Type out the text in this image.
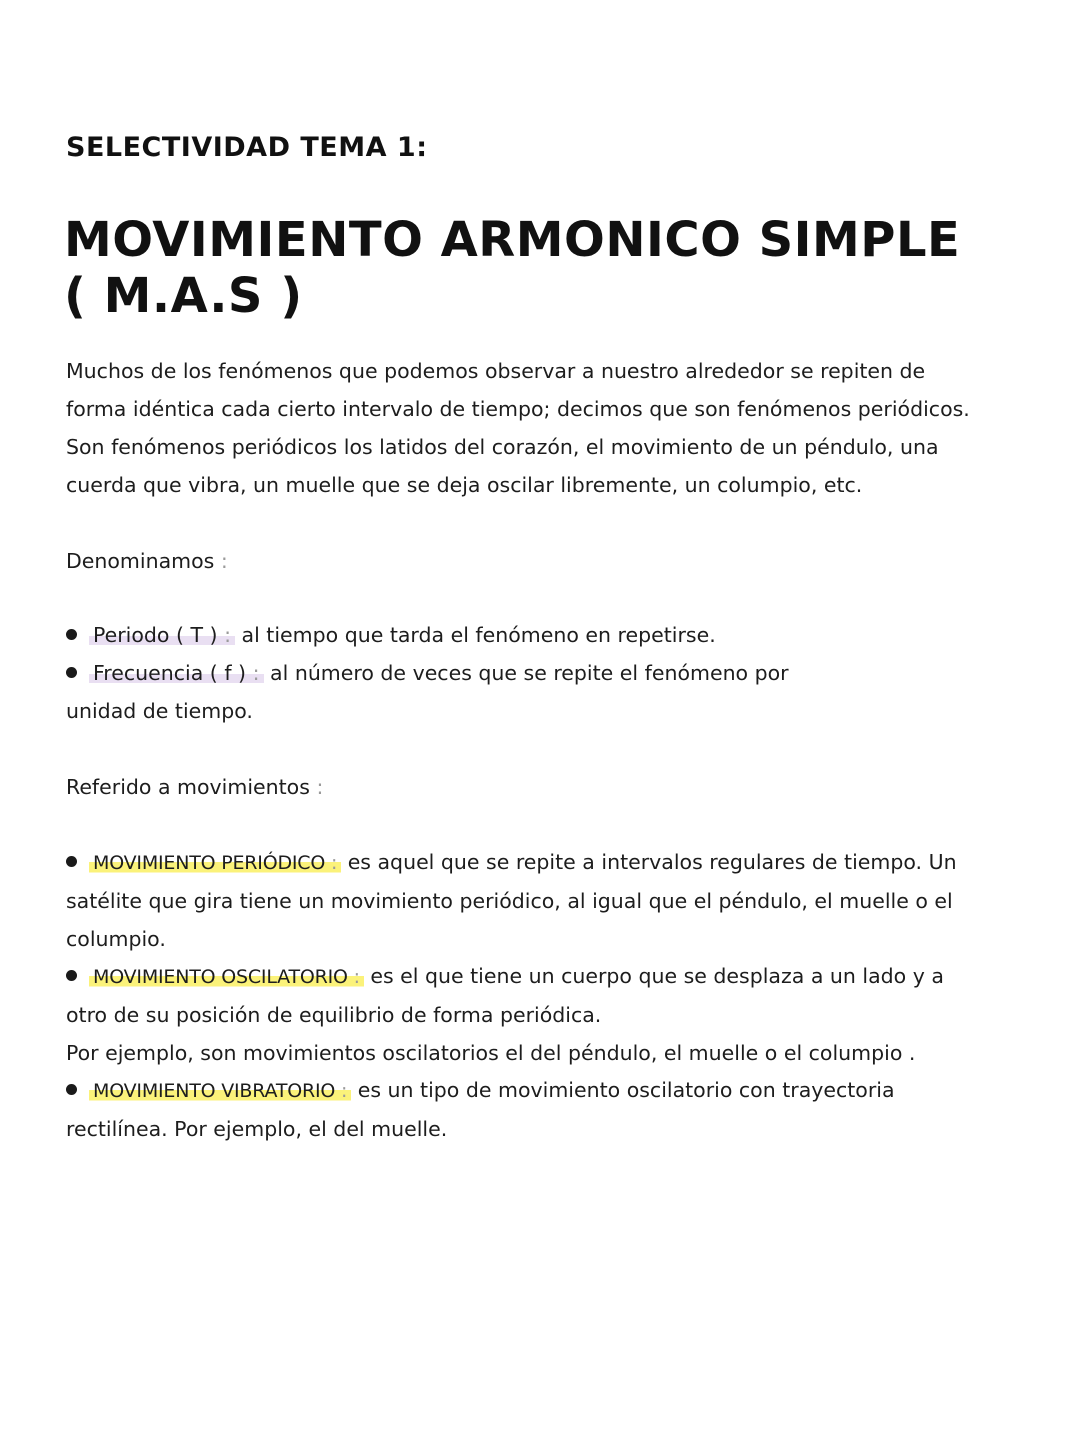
SELECTIVIDAD TEMA 1:
MOVIMIENTO ARMONICO SIMPLE
( M.A.S )
Muchos de los fenómenos que podemos observar a nuestro alrededor se repiten de
forma idéntica cada cierto intervalo de tiempo; decimos que son fenómenos periódicos.
Son fenómenos periódicos los latidos del corazón, el movimiento de un péndulo, una
cuerda que vibra, un muelle que se deja oscilar libremente, un columpio, etc.
Denominamos :
Periodo ( T ) : al tiempo que tarda el fenómeno en repetirse.
Frecuencia ( f ) : al número de veces que se repite el fenómeno por
unidad de tiempo.
Referido a movimientos :
MOVIMIENTO PERIÓDICO : es aquel que se repite a intervalos regulares de tiempo. Un
satélite que gira tiene un movimiento periódico, al igual que el péndulo, el muelle o el
columpio.
MOVIMIENTO OSCILATORIO : es el que tiene un cuerpo que se desplaza a un lado y a
otro de su posición de equilibrio de forma periódica.
Por ejemplo, son movimientos oscilatorios el del péndulo, el muelle o el columpio .
MOVIMIENTO VIBRATORIO : es un tipo de movimiento oscilatorio con trayectoria
rectilínea. Por ejemplo, el del muelle.
